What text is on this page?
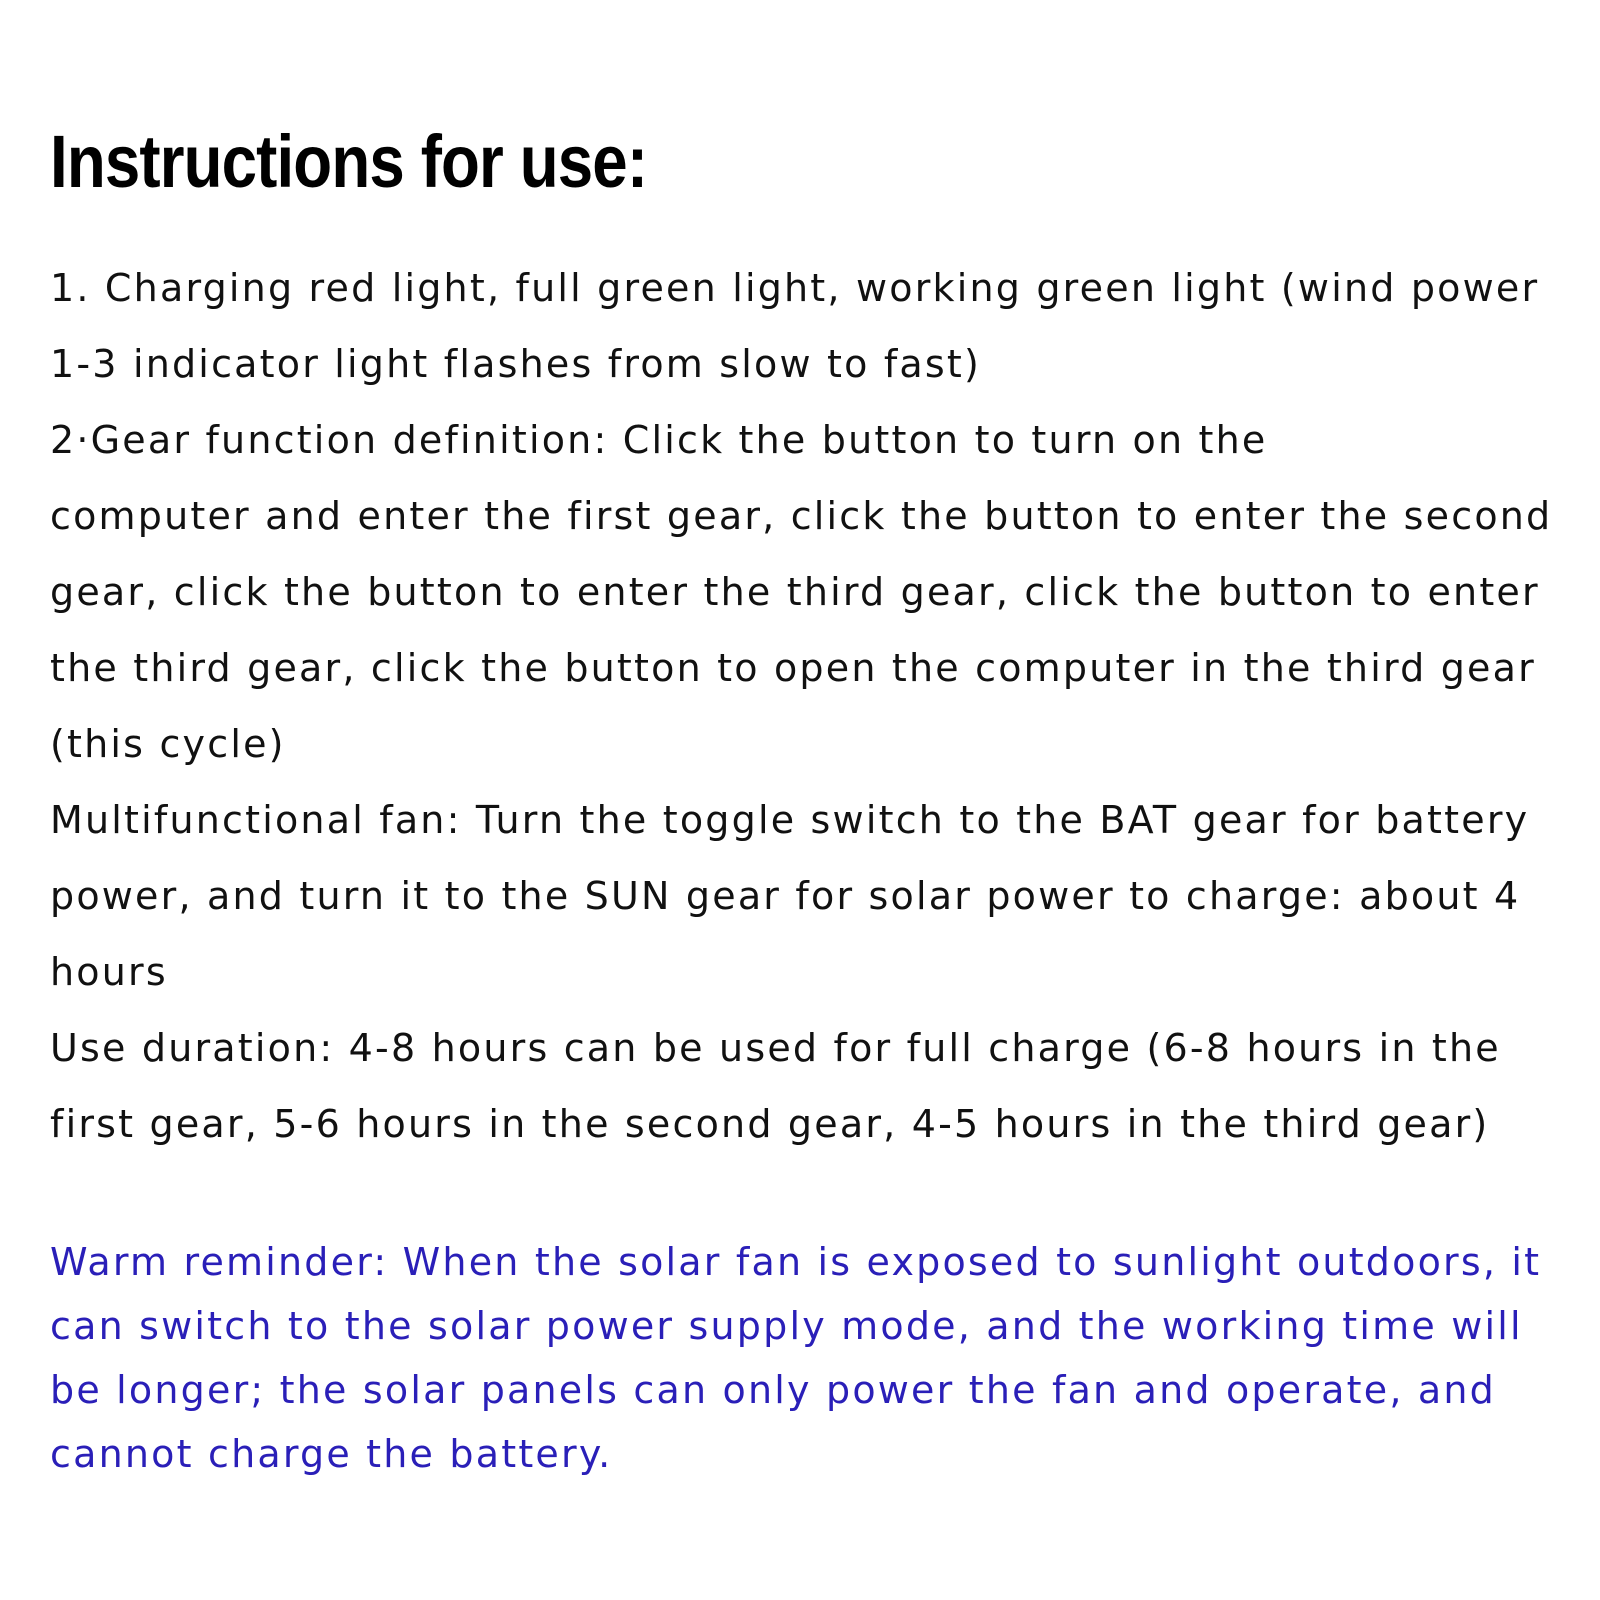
Instructions for use:
1. Charging red light, full green light, working green light (wind power
1-3 indicator light flashes from slow to fast)
2·Gear function definition: Click the button to turn on the
computer and enter the first gear, click the button to enter the second
gear, click the button to enter the third gear, click the button to enter
the third gear, click the button to open the computer in the third gear
(this cycle)
Multifunctional fan: Turn the toggle switch to the BAT gear for battery
power, and turn it to the SUN gear for solar power to charge: about 4
hours
Use duration: 4-8 hours can be used for full charge (6-8 hours in the
first gear, 5-6 hours in the second gear, 4-5 hours in the third gear)
Warm reminder: When the solar fan is exposed to sunlight outdoors, it
can switch to the solar power supply mode, and the working time will
be longer; the solar panels can only power the fan and operate, and
cannot charge the battery.
